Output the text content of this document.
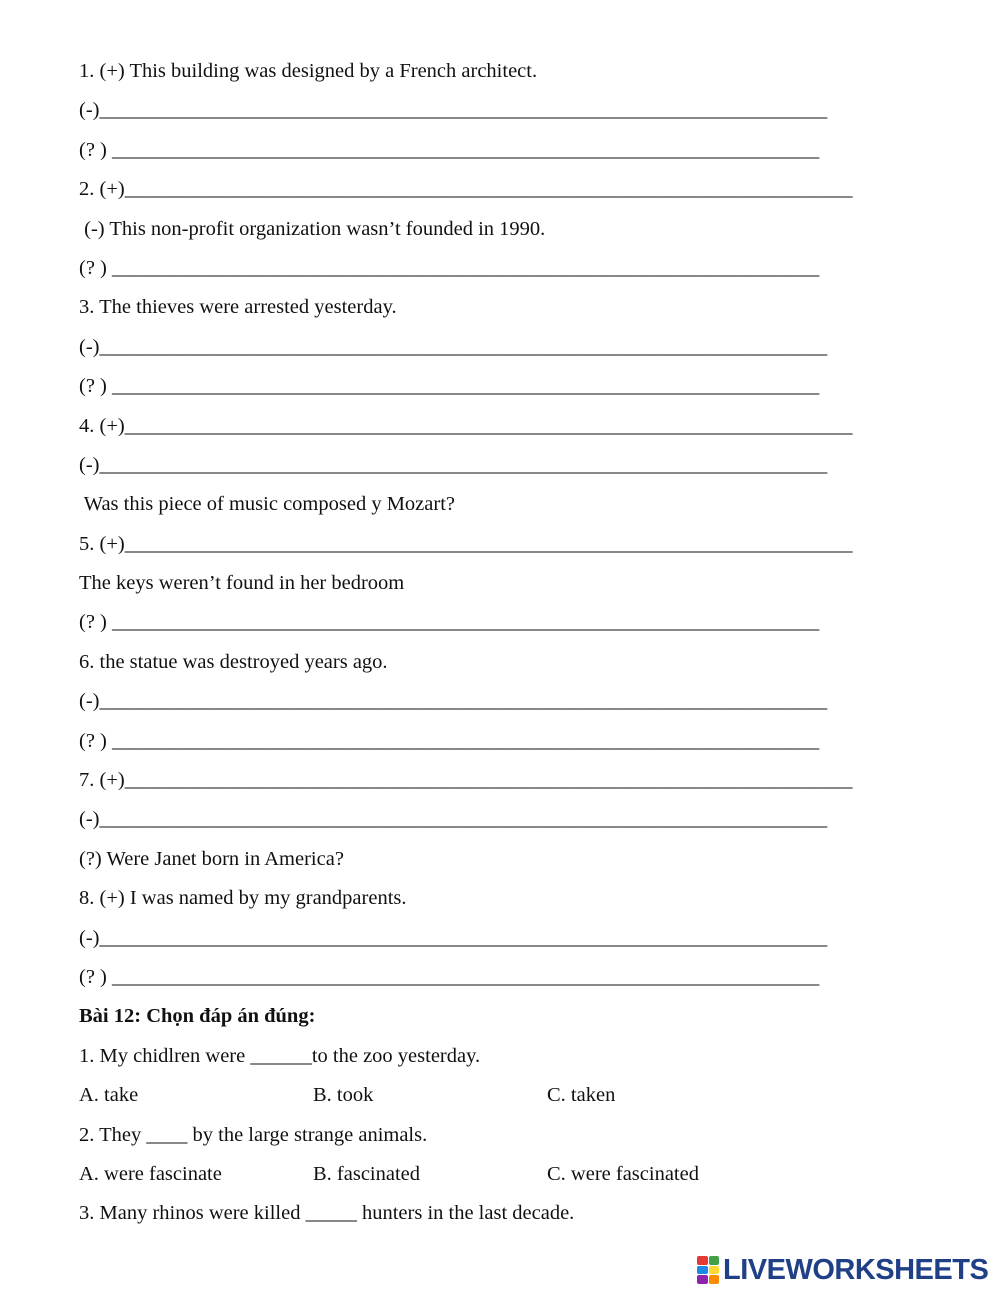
1. (+) This building was designed by a French architect.
(-)_______________________________________________________________________
(? ) _____________________________________________________________________
2. (+)_______________________________________________________________________
(-) This non-profit organization wasn’t founded in 1990.
(? ) _____________________________________________________________________
3. The thieves were arrested yesterday.
(-)_______________________________________________________________________
(? ) _____________________________________________________________________
4. (+)_______________________________________________________________________
(-)_______________________________________________________________________
Was this piece of music composed y Mozart?
5. (+)_______________________________________________________________________
The keys weren’t found in her bedroom
(? ) _____________________________________________________________________
6. the statue was destroyed years ago.
(-)_______________________________________________________________________
(? ) _____________________________________________________________________
7. (+)_______________________________________________________________________
(-)_______________________________________________________________________
(?) Were Janet born in America?
8. (+) I was named by my grandparents.
(-)_______________________________________________________________________
(? ) _____________________________________________________________________
Bài 12: Chọn đáp án đúng:
1. My chidlren were ______to the zoo yesterday.
A. take	B. took	C. taken
2. They ____ by the large strange animals.
A. were fascinate	B. fascinated	C. were fascinated
3. Many rhinos were killed _____ hunters in the last decade.
LIVEWORKSHEETS
